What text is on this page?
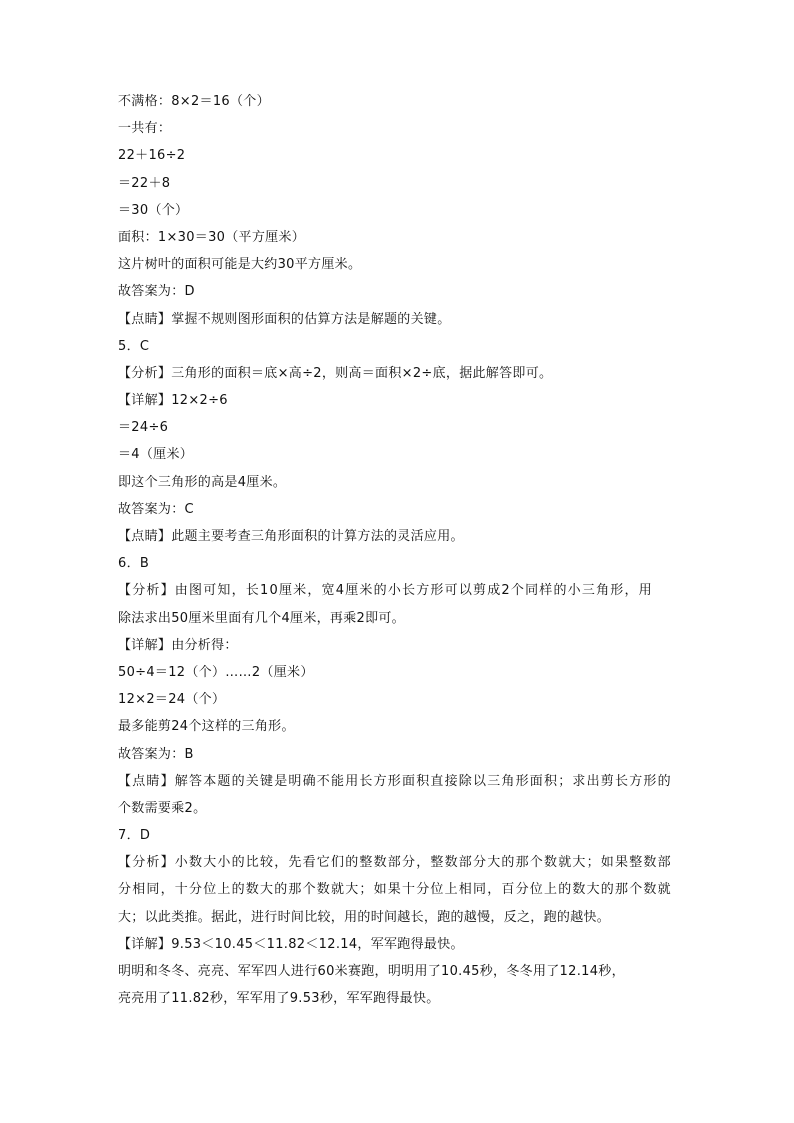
不满格：8×2＝16（个）
一共有：
22＋16÷2
＝22＋8
＝30（个）
面积：1×30＝30（平方厘米）
这片树叶的面积可能是大约30平方厘米。
故答案为：D
【点睛】掌握不规则图形面积的估算方法是解题的关键。
5．C
【分析】三角形的面积＝底×高÷2，则高＝面积×2÷底，据此解答即可。
【详解】12×2÷6
＝24÷6
＝4（厘米）
即这个三角形的高是4厘米。
故答案为：C
【点睛】此题主要考查三角形面积的计算方法的灵活应用。
6．B
【分析】由图可知，长10厘米，宽4厘米的小长方形可以剪成2个同样的小三角形，用
除法求出50厘米里面有几个4厘米，再乘2即可。
【详解】由分析得：
50÷4＝12（个）……2（厘米）
12×2＝24（个）
最多能剪24个这样的三角形。
故答案为：B
【点睛】解答本题的关键是明确不能用长方形面积直接除以三角形面积；求出剪长方形的
个数需要乘2。
7．D
【分析】小数大小的比较，先看它们的整数部分，整数部分大的那个数就大；如果整数部
分相同，十分位上的数大的那个数就大；如果十分位上相同，百分位上的数大的那个数就
大；以此类推。据此，进行时间比较，用的时间越长，跑的越慢，反之，跑的越快。
【详解】9.53＜10.45＜11.82＜12.14，军军跑得最快。
明明和冬冬、亮亮、军军四人进行60米赛跑，明明用了10.45秒，冬冬用了12.14秒，
亮亮用了11.82秒，军军用了9.53秒，军军跑得最快。
